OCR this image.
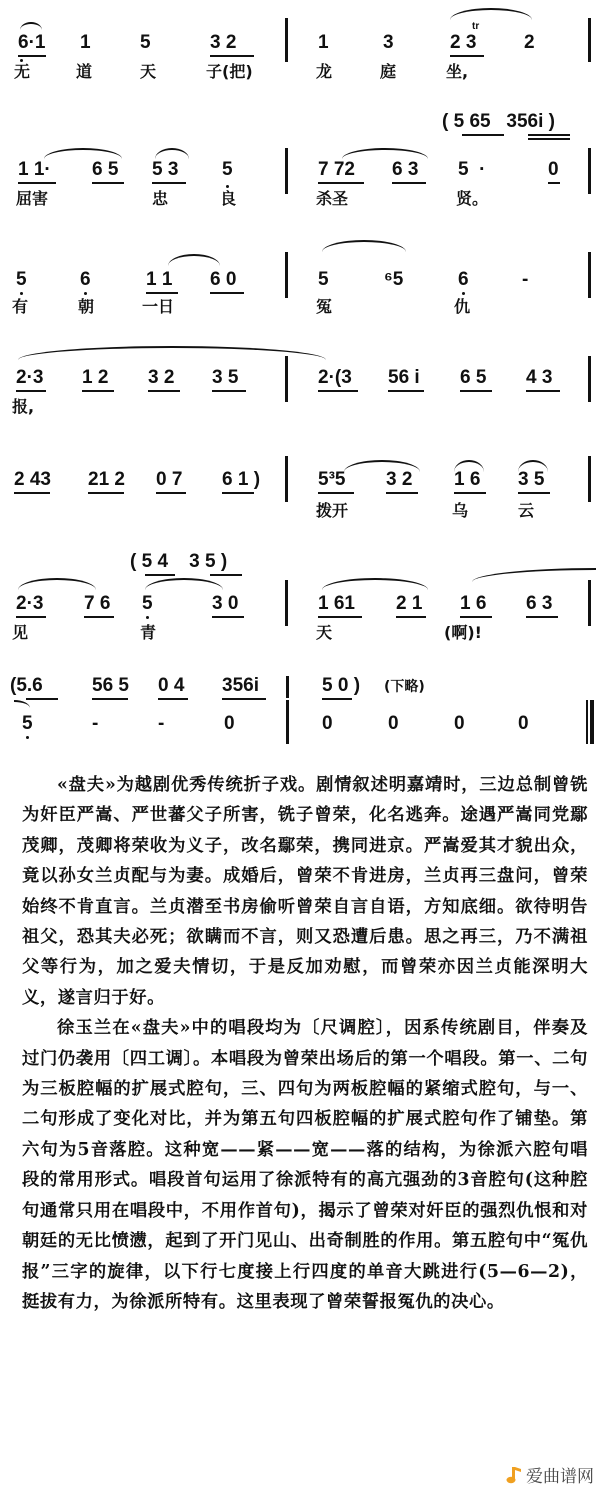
6·1 1	5	3 2
无	道	天	子(把)
1	3
tr
2 3	2
龙	庭	坐,
( 5 65   356i )
1 1· 6 5 5 3 5
屈害	忠	良
7 72 6 3 5  ·	0
杀圣	贤。
5	6	1 1 6 0
有	朝	一日
5	⁶5	6	-
冤	仇
2·3 1 2 3 2 3 5
报,
2·(3 56 i 6 5 4 3
2 43 21 2 0 7 6 1 )	5³5 3 2 1 6 3 5
拨开	乌	云
( 5 4    3 5 )
2·3 7 6 5	3 0
见	青
1 61 2 1 1 6 6 3
天	(啊)!
(5.6	56 5 0 4 356i	5 0 ) (下略)
5	-	-	0	0	0	0	0

«盘夫»为越剧优秀传统折子戏。剧情叙述明嘉靖时，三边总制曾铣为奸臣严嵩、严世蕃父子所害，铣子曾荣，化名逃奔。途遇严嵩同党鄢茂卿，茂卿将荣收为义子，改名鄢荣，携同进京。严嵩爱其才貌出众，竟以孙女兰贞配与为妻。成婚后，曾荣不肯进房，兰贞再三盘问，曾荣始终不肯直言。兰贞潜至书房偷听曾荣自言自语，方知底细。欲待明告祖父，恐其夫必死；欲瞒而不言，则又恐遭后患。思之再三，乃不满祖父等行为，加之爱夫情切，于是反加劝慰，而曾荣亦因兰贞能深明大义，遂言归于好。

徐玉兰在«盘夫»中的唱段均为〔尺调腔〕，因系传统剧目，伴奏及过门仍袭用〔四工调〕。本唱段为曾荣出场后的第一个唱段。第一、二句为三板腔幅的扩展式腔句，三、四句为两板腔幅的紧缩式腔句，与一、二句形成了变化对比，并为第五句四板腔幅的扩展式腔句作了铺垫。第六句为5音落腔。这种宽——紧——宽——落的结构，为徐派六腔句唱段的常用形式。唱段首句运用了徐派特有的高亢强劲的3音腔句(这种腔句通常只用在唱段中，不用作首句)，揭示了曾荣对奸臣的强烈仇恨和对朝廷的无比愤懑，起到了开门见山、出奇制胜的作用。第五腔句中“冤仇报”三字的旋律，以下行七度接上行四度的单音大跳进行(5—6—2)，挺拔有力，为徐派所特有。这里表现了曾荣誓报冤仇的决心。

爱曲谱网
